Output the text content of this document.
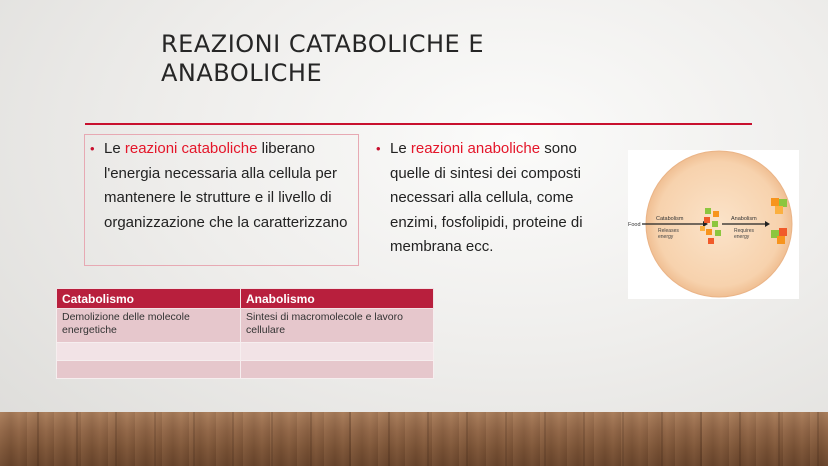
REAZIONI CATABOLICHE E
ANABOLICHE
• Le reazioni cataboliche liberano l'energia necessaria alla cellula per mantenere le strutture e il livello di organizzazione che la caratterizzano
• Le reazioni anaboliche sono quelle di sintesi dei composti necessari alla cellula, come enzimi, fosfolipidi, proteine di membrana ecc.
Food
Catabolism
Releases
energy
Anabolism
Requires
energy
Catabolismo	Anabolismo
Demolizione delle molecole energetiche	Sintesi di macromolecole e lavoro cellulare
